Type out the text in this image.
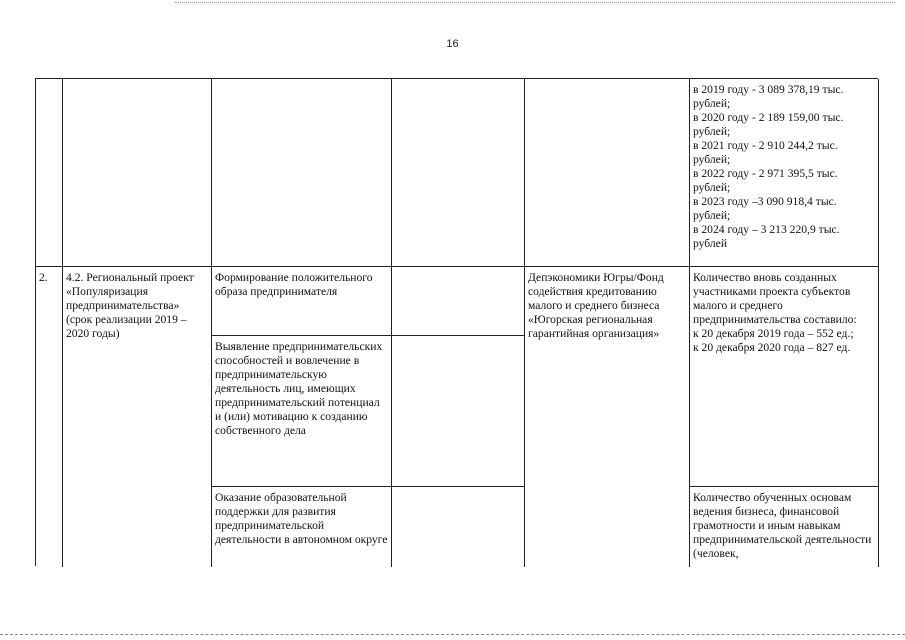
16
в 2019 году - 3 089 378,19 тыс. рублей;
в 2020 году - 2 189 159,00 тыс. рублей;
в 2021 году - 2 910 244,2 тыс. рублей;
в 2022 году - 2 971 395,5 тыс. рублей;
в 2023 году –3 090 918,4 тыс. рублей;
в 2024 году – 3 213 220,9 тыс. рублей
2.	4.2. Региональный проект «Популяризация предпринимательства» (срок реализации 2019 – 2020 годы)
Формирование положительного образа предпринимателя
Выявление предпринимательских способностей и вовлечение в предпринимательскую деятельность лиц, имеющих предпринимательский потенциал и (или) мотивацию к созданию собственного дела
Оказание образовательной поддержки для развития предпринимательской деятельности в автономном округе
Депэкономики Югры/Фонд содействия кредитованию малого и среднего бизнеса «Югорская региональная гарантийная организация»
Количество вновь созданных участниками проекта субъектов малого и среднего предпринимательства составило:
к 20 декабря 2019 года – 552 ед.;
к 20 декабря 2020 года – 827 ед.
Количество обученных основам ведения бизнеса, финансовой грамотности и иным навыкам предпринимательской деятельности (человек,
